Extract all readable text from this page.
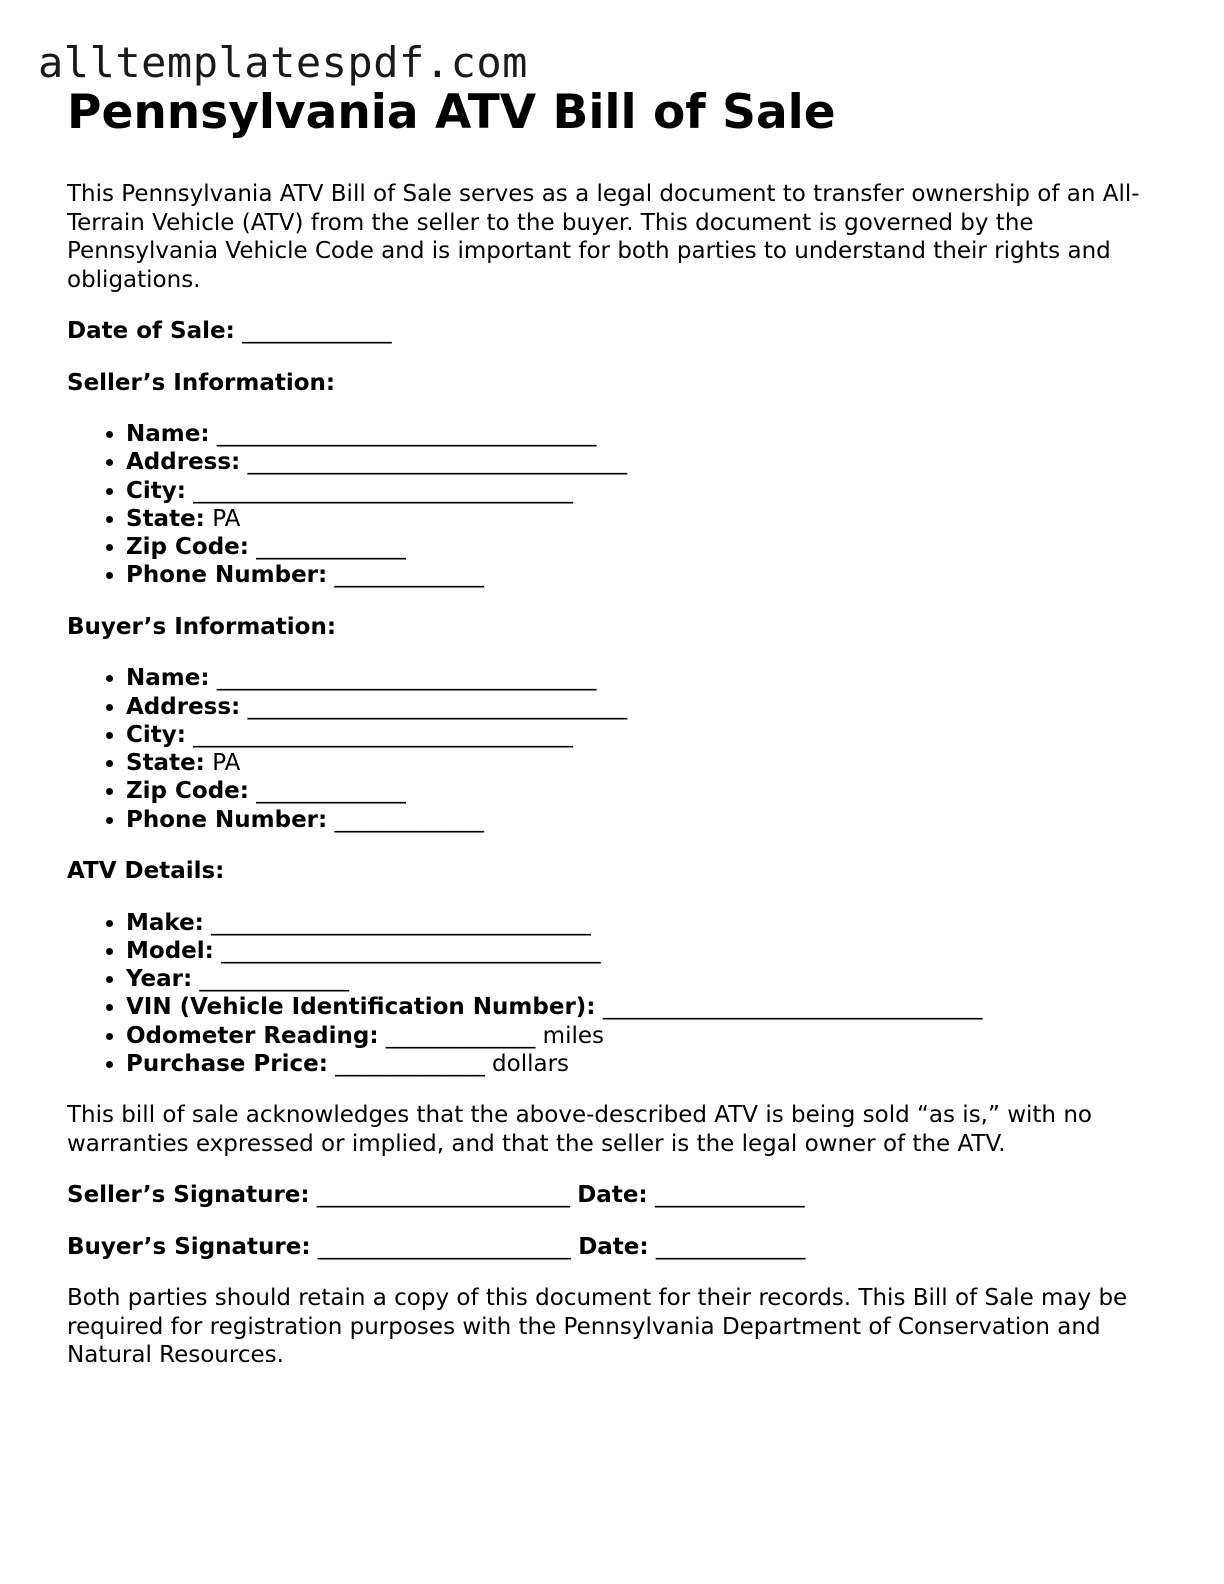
alltemplatespdf.com
Pennsylvania ATV Bill of Sale

This Pennsylvania ATV Bill of Sale serves as a legal document to transfer ownership of an All-Terrain Vehicle (ATV) from the seller to the buyer. This document is governed by the Pennsylvania Vehicle Code and is important for both parties to understand their rights and obligations.

Date of Sale: _____________
Seller’s Information:
• Name: _________________________________
• Address: _________________________________
• City: _________________________________
• State: PA
• Zip Code: _____________
• Phone Number: _____________
Buyer’s Information:
• Name: _________________________________
• Address: _________________________________
• City: _________________________________
• State: PA
• Zip Code: _____________
• Phone Number: _____________
ATV Details:
• Make: _________________________________
• Model: _________________________________
• Year: _____________
• VIN (Vehicle Identification Number): _________________________________
• Odometer Reading: _____________ miles
• Purchase Price: _____________ dollars

This bill of sale acknowledges that the above-described ATV is being sold “as is,” with no warranties expressed or implied, and that the seller is the legal owner of the ATV.

Seller’s Signature: ______________________ Date: _____________
Buyer’s Signature: ______________________ Date: _____________

Both parties should retain a copy of this document for their records. This Bill of Sale may be required for registration purposes with the Pennsylvania Department of Conservation and Natural Resources.
